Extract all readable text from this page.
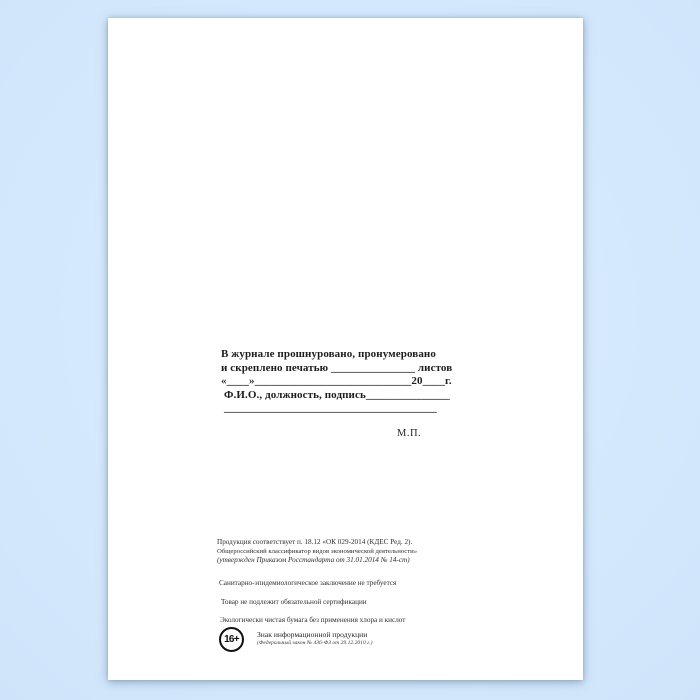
В журнале прошнуровано, пронумеровано
и скреплено печатью _______________ листов
«____»____________________________20____г.
Ф.И.О., должность, подпись_______________
______________________________________
М.П.
Продукция соответствует п. 18.12 «ОК 029-2014 (КДЕС Ред. 2).
Общероссийский классификатор видов экономической деятельности»
(утвержден Приказом Росстандарта от 31.01.2014 № 14-ст)
Санитарно-эпидемиологическое заключение не требуется
Товар не подлежит обязательной сертификации
Экологически чистая бумага без применения хлора и кислот
16+	Знак информационной продукции
(Федеральный закон № 436-ФЗ от 29.12.2010 г.)
